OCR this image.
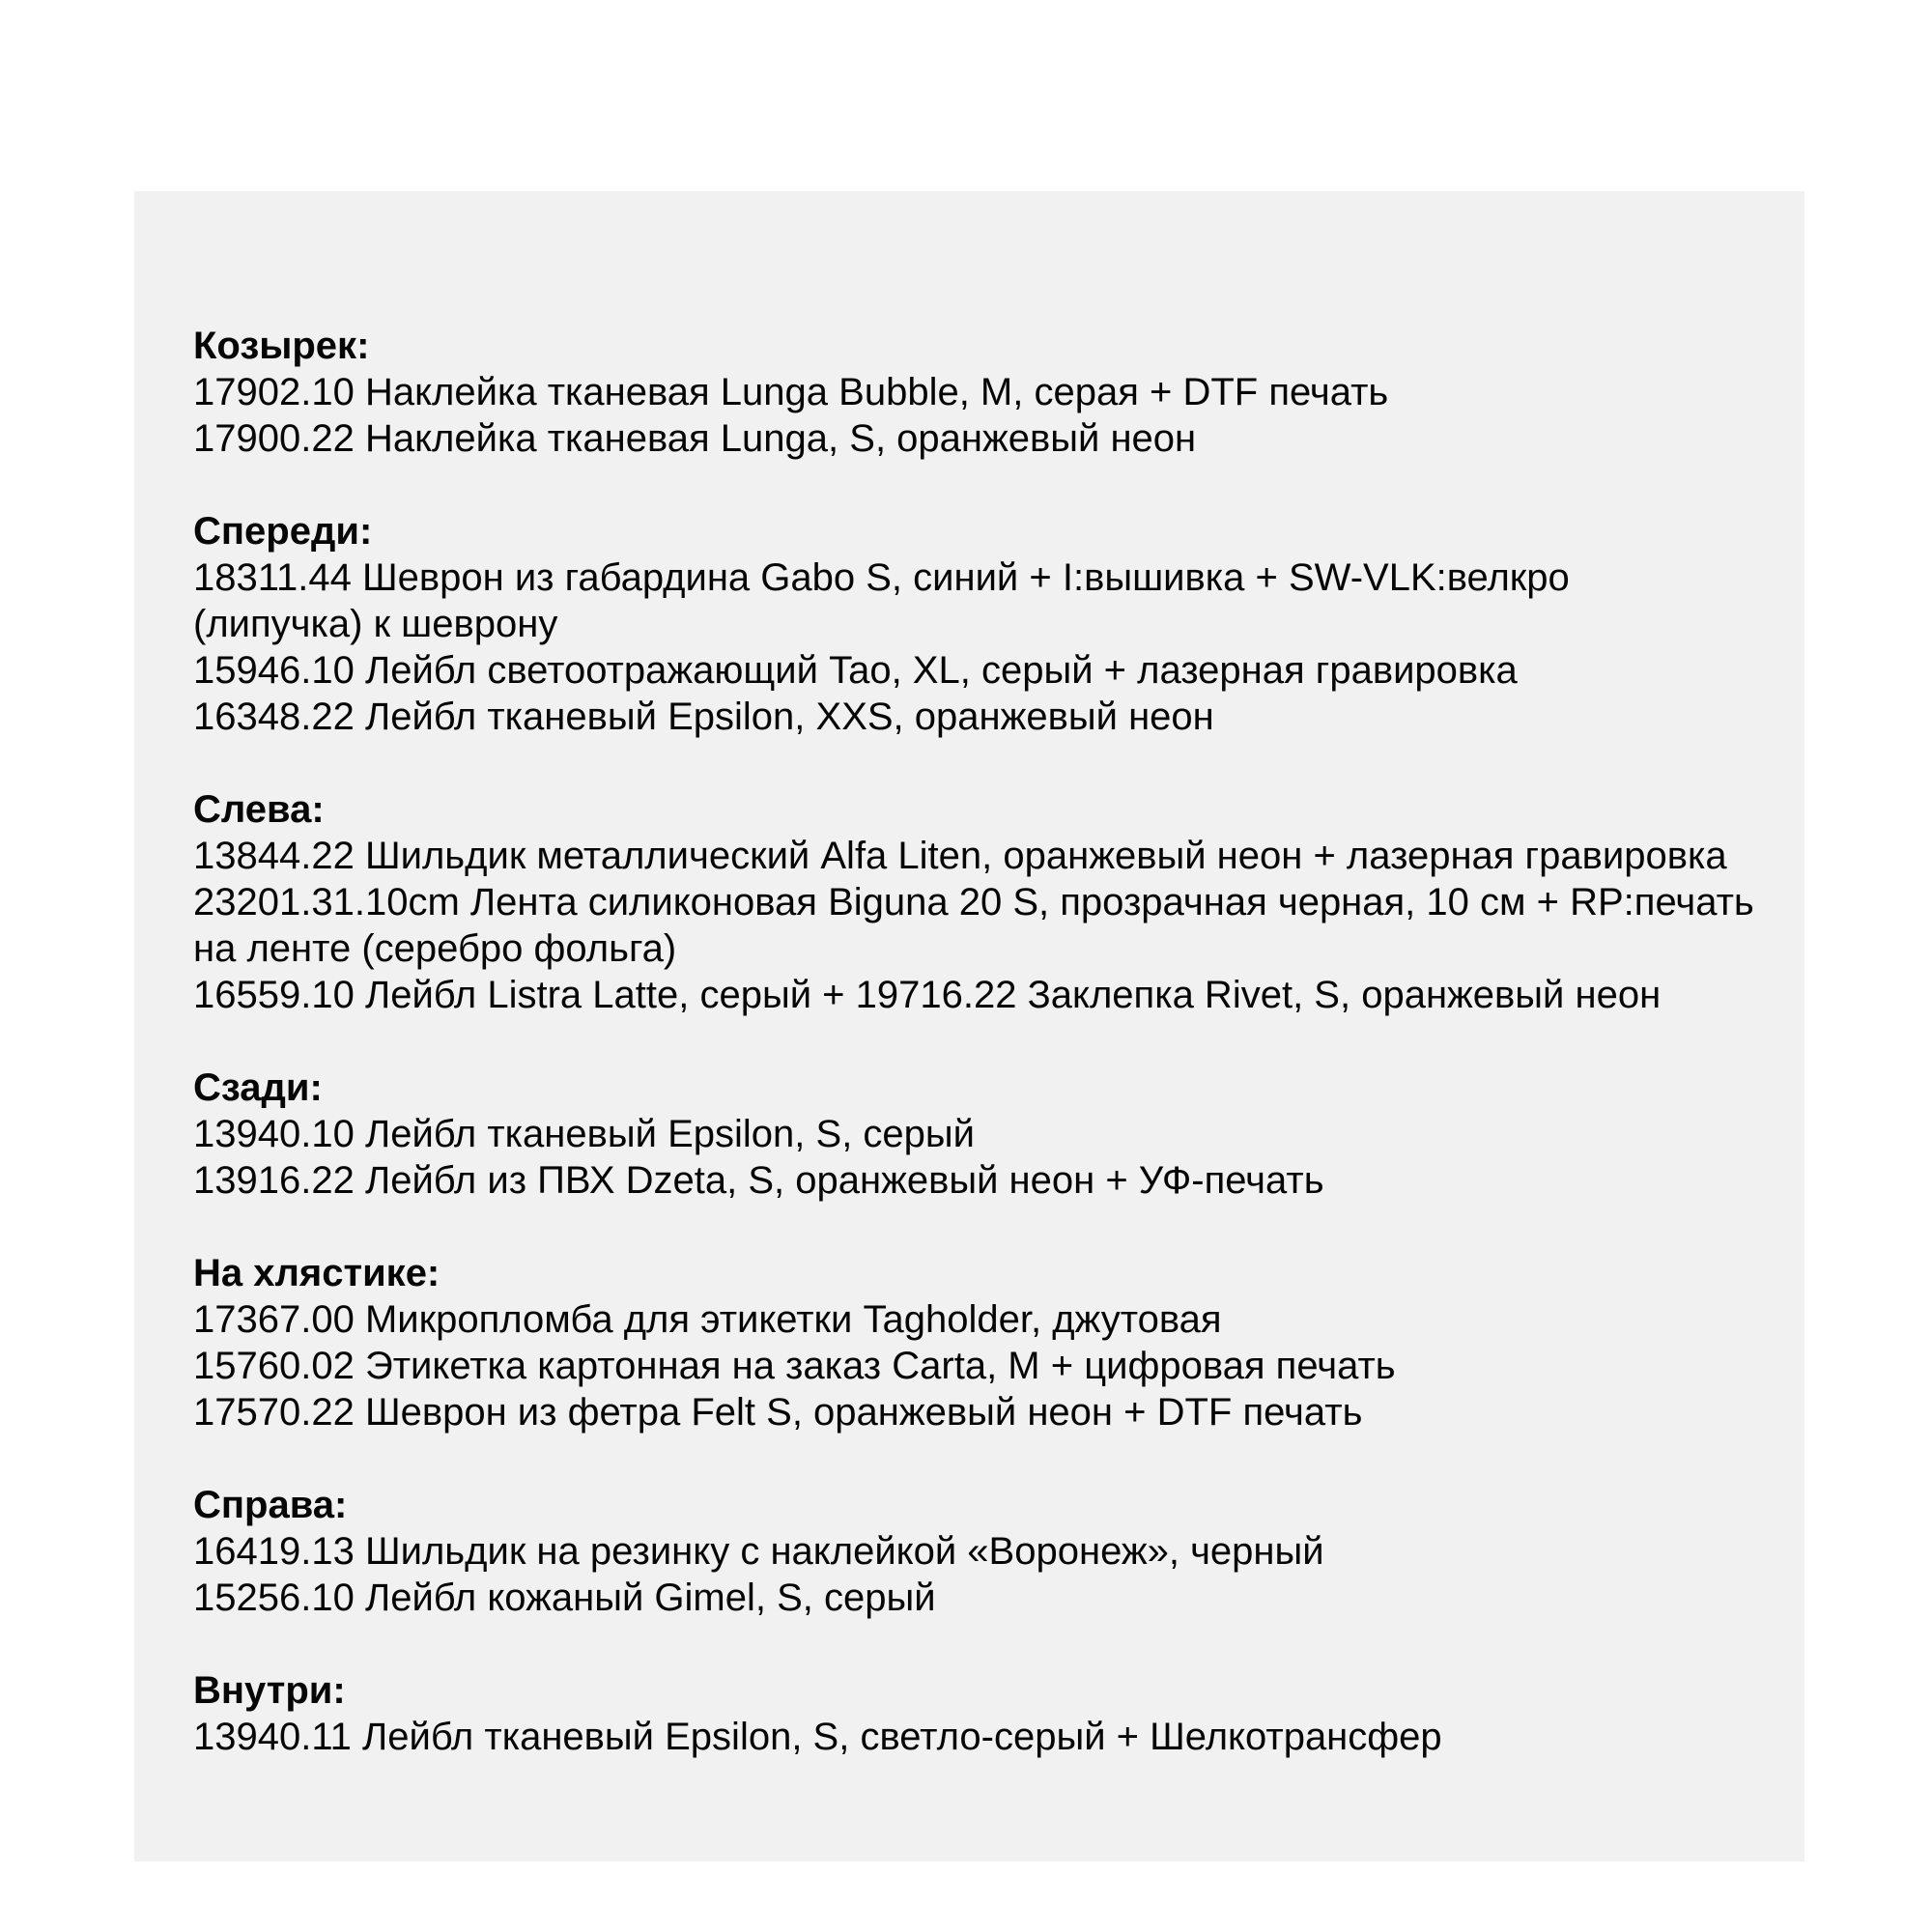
Козырек:
17902.10 Наклейка тканевая Lunga Bubble, M, серая + DTF печать
17900.22 Наклейка тканевая Lunga, S, оранжевый неон
Спереди:
18311.44 Шеврон из габардина Gabo S, синий + I:вышивка + SW-VLK:велкро
(липучка) к шеврону
15946.10 Лейбл светоотражающий Tao, XL, серый + лазерная гравировка
16348.22 Лейбл тканевый Epsilon, XXS, оранжевый неон
Слева:
13844.22 Шильдик металлический Alfa Liten, оранжевый неон + лазерная гравировка
23201.31.10cm Лента силиконовая Biguna 20 S, прозрачная черная, 10 см + RP:печать
на ленте (серебро фольга)
16559.10 Лейбл Listra Latte, серый + 19716.22 Заклепка Rivet, S, оранжевый неон
Сзади:
13940.10 Лейбл тканевый Epsilon, S, серый
13916.22 Лейбл из ПВХ Dzeta, S, оранжевый неон + УФ-печать
На хлястике:
17367.00 Микропломба для этикетки Tagholder, джутовая
15760.02 Этикетка картонная на заказ Carta, M + цифровая печать
17570.22 Шеврон из фетра Felt S, оранжевый неон + DTF печать
Справа:
16419.13 Шильдик на резинку с наклейкой «Воронеж», черный
15256.10 Лейбл кожаный Gimel, S, серый
Внутри:
13940.11 Лейбл тканевый Epsilon, S, светло-серый + Шелкотрансфер
